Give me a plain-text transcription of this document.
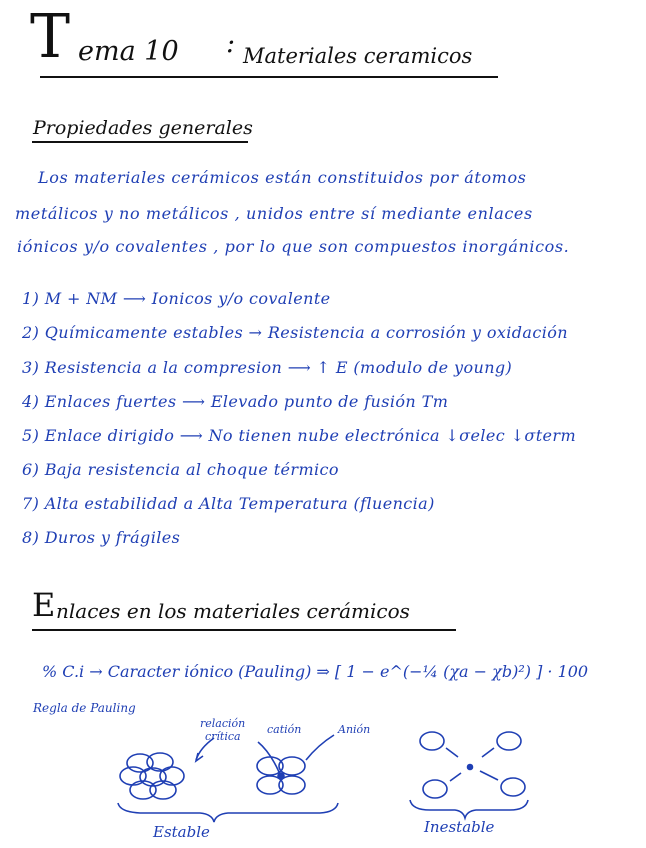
T ema 10 : Materiales ceramicos
Propiedades generales
Los materiales cerámicos están constituidos por átomos
metálicos y no metálicos , unidos entre sí mediante enlaces
iónicos y/o covalentes , por lo que son compuestos inorgánicos.
1) M + NM ⟶ Ionicos y/o covalente
2) Químicamente estables → Resistencia a corrosión y oxidación
3) Resistencia a la compresion ⟶ ↑ E (modulo de young)
4) Enlaces fuertes ⟶ Elevado punto de fusión Tm
5) Enlace dirigido ⟶ No tienen nube electrónica ↓σelec ↓σterm
6) Baja resistencia al choque térmico
7) Alta estabilidad a Alta Temperatura (fluencia)
8) Duros y frágiles
E nlaces en los materiales cerámicos
% C.i → Caracter iónico (Pauling) ⇒ [ 1 − e^(−¼ (χa − χb)²) ] · 100
Regla de Pauling
relación
crítica
catión	Anión
Estable	Inestable
